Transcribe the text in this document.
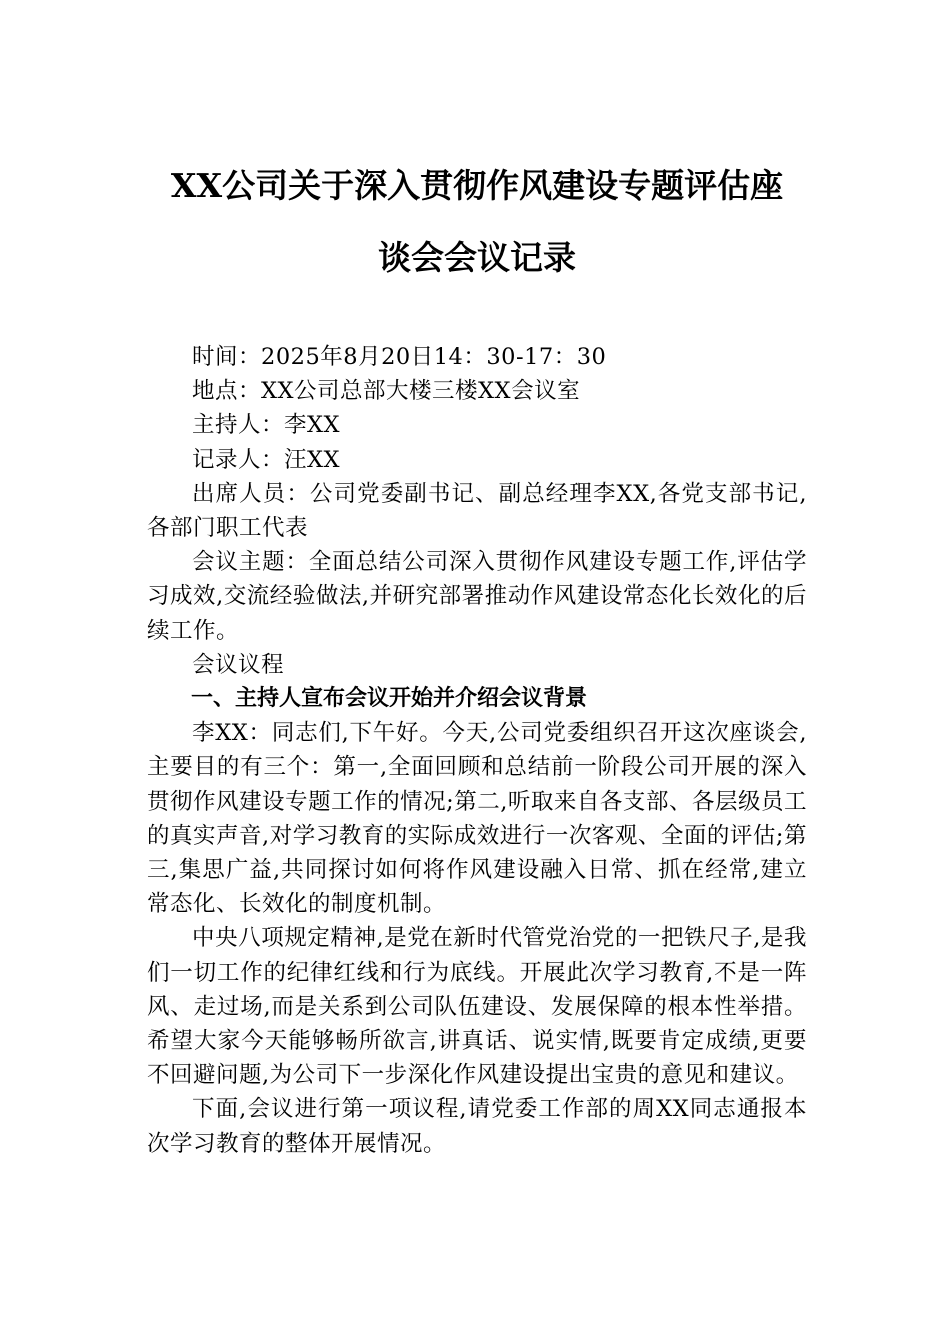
XX公司关于深入贯彻作风建设专题评估座
谈会会议记录

时间：2025年8月20日14：30-17：30

地点：XX公司总部大楼三楼XX会议室

主持人：李XX

记录人：汪XX

出席人员：公司党委副书记、副总经理李XX,各党支部书记,各部门职工代表

会议主题：全面总结公司深入贯彻作风建设专题工作,评估学习成效,交流经验做法,并研究部署推动作风建设常态化长效化的后续工作。

会议议程

一、主持人宣布会议开始并介绍会议背景

李XX：同志们,下午好。今天,公司党委组织召开这次座谈会,主要目的有三个：第一,全面回顾和总结前一阶段公司开展的深入贯彻作风建设专题工作的情况;第二,听取来自各支部、各层级员工的真实声音,对学习教育的实际成效进行一次客观、全面的评估;第三,集思广益,共同探讨如何将作风建设融入日常、抓在经常,建立常态化、长效化的制度机制。

中央八项规定精神,是党在新时代管党治党的一把铁尺子,是我们一切工作的纪律红线和行为底线。开展此次学习教育,不是一阵风、走过场,而是关系到公司队伍建设、发展保障的根本性举措。希望大家今天能够畅所欲言,讲真话、说实情,既要肯定成绩,更要不回避问题,为公司下一步深化作风建设提出宝贵的意见和建议。

下面,会议进行第一项议程,请党委工作部的周XX同志通报本次学习教育的整体开展情况。
